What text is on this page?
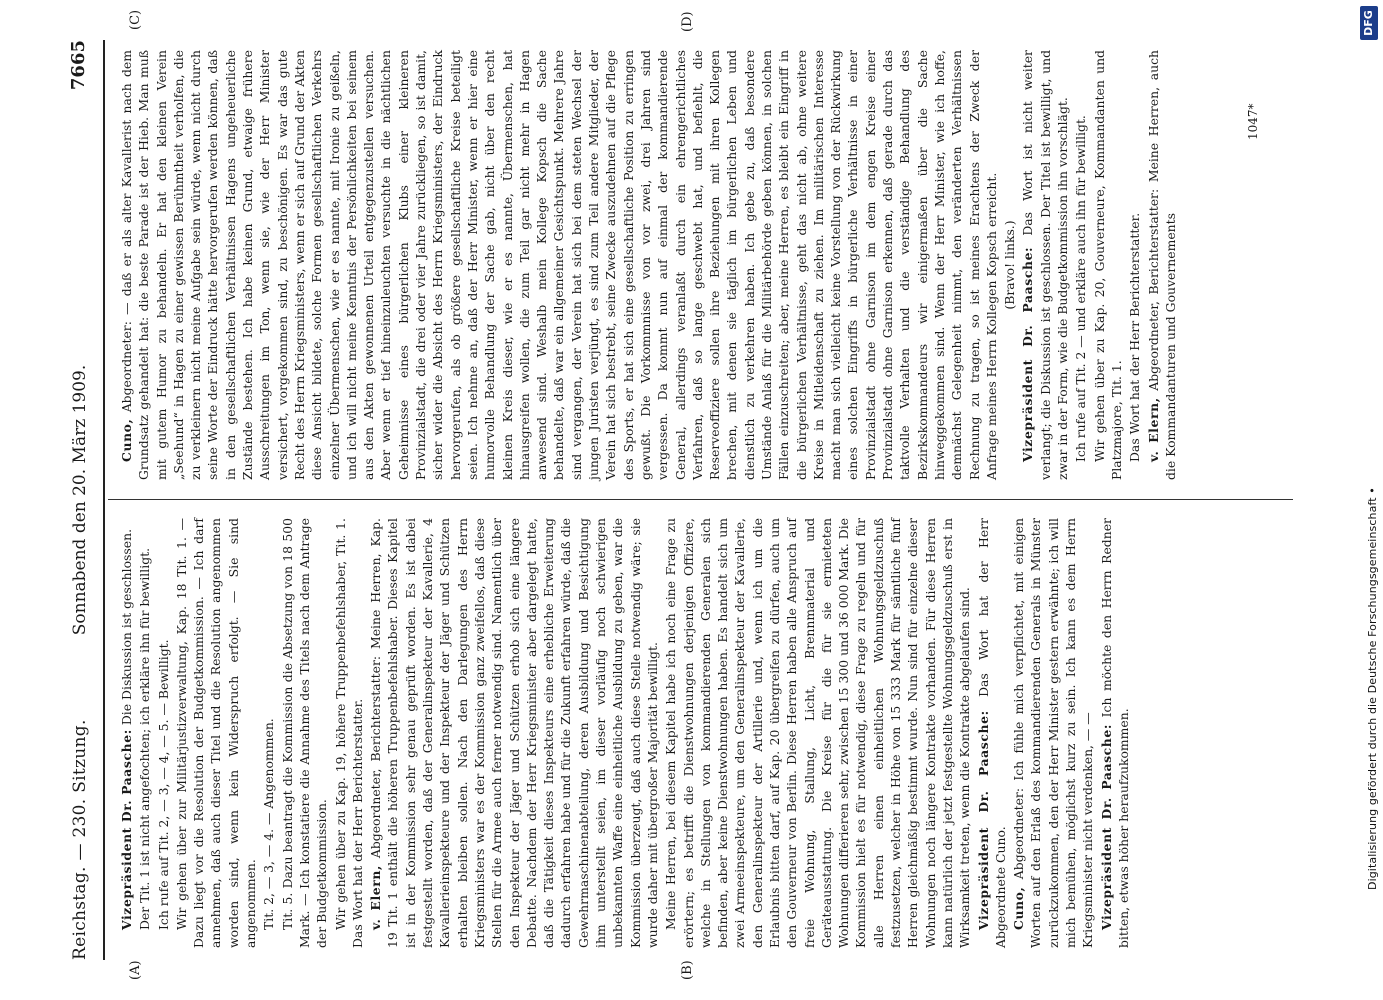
Reichstag. — 230. Sitzung.
Sonnabend den 20. März 1909.
7665
(A)	(B)
(C)	(D)

Vizepräsident Dr. Paasche: Die Diskussion ist geschlossen. Der Tit. 1 ist nicht angefochten; ich erkläre ihn für bewilligt. Ich rufe auf Tit. 2, — 3, — 4, — 5. — Bewilligt. Wir gehen über zur Militärjustizverwaltung, Kap. 18 Tit. 1. — Dazu liegt vor die Resolution der Budgetkommission. — Ich darf annehmen, daß auch dieser Titel und die Resolution angenommen worden sind, wenn kein Widerspruch erfolgt. — Sie sind angenommen. Tit. 2, — 3, — 4. — Angenommen. Tit. 5. Dazu beantragt die Kommission die Absetzung von 18 500 Mark. — Ich konstatiere die Annahme des Titels nach dem Antrage der Budgetkommission. Wir gehen über zu Kap. 19, höhere Truppenbefehlshaber, Tit. 1. Das Wort hat der Herr Berichterstatter. v. Elern, Abgeordneter, Berichterstatter: Meine Herren, Kap. 19 Tit. 1 enthält die höheren Truppenbefehlshaber. Dieses Kapitel ist in der Kommission sehr genau geprüft worden. Es ist dabei festgestellt worden, daß der Generalinspekteur der Kavallerie, 4 Kavallerieinspekteure und der Inspekteur der Jäger und Schützen erhalten bleiben sollen. Nach den Darlegungen des Herrn Kriegsministers war es der Kommission ganz zweifellos, daß diese Stellen für die Armee auch ferner notwendig sind. Namentlich über den Inspekteur der Jäger und Schützen erhob sich eine längere Debatte. Nachdem der Herr Kriegsminister aber dargelegt hatte, daß die Tätigkeit dieses Inspekteurs eine erhebliche Erweiterung dadurch erfahren habe und für die Zukunft erfahren würde, daß die Gewehrmaschinenabteilung, deren Ausbildung und Besichtigung ihm unterstellt seien, im dieser vorläufig noch schwierigen unbekannten Waffe eine einheitliche Ausbildung zu geben, war die Kommission überzeugt, daß auch diese Stelle notwendig wäre; sie wurde daher mit übergroßer Majorität bewilligt. Meine Herren, bei diesem Kapitel habe ich noch eine Frage zu erörtern; es betrifft die Dienstwohnungen derjenigen Offiziere, welche in Stellungen von kommandierenden Generalen sich befinden, aber keine Dienstwohnungen haben. Es handelt sich um zwei Armeeinspekteure, um den Generalinspekteur der Kavallerie, den Generalinspekteur der Artillerie und, wenn ich um die Erlaubnis bitten darf, auf Kap. 20 übergreifen zu dürfen, auch um den Gouverneur von Berlin. Diese Herren haben alle Anspruch auf freie Wohnung, Stallung, Licht, Brennmaterial und Geräteausstattung. Die Kreise für die für sie ermieteten Wohnungen differieren sehr, zwischen 15 300 und 36 000 Mark. Die Kommission hielt es für notwendig, diese Frage zu regeln und für alle Herren einen einheitlichen Wohnungsgeldzuschuß festzusetzen, welcher in Höhe von 15 333 Mark für sämtliche fünf Herren gleichmäßig bestimmt wurde. Nun sind für einzelne dieser Wohnungen noch längere Kontrakte vorhanden. Für diese Herren kann natürlich der jetzt festgestellte Wohnungsgeldzuschuß erst in Wirksamkeit treten, wenn die Kontrakte abgelaufen sind. Vizepräsident Dr. Paasche: Das Wort hat der Herr Abgeordnete Cuno. Cuno, Abgeordneter: Ich fühle mich verpflichtet, mit einigen Worten auf den Erlaß des kommandierenden Generals in Münster zurückzukommen, den der Herr Minister gestern erwähnte; ich will mich bemühen, möglichst kurz zu sein. Ich kann es dem Herrn Kriegsminister nicht verdenken, — — Vizepräsident Dr. Paasche: Ich möchte den Herrn Redner bitten, etwas höher heraufzukommen.

Cuno, Abgeordneter: — daß er als alter Kavallerist nach dem Grundsatz gehandelt hat: die beste Parade ist der Hieb. Man muß mit gutem Humor zu behandeln. Er hat den kleinen Verein „Seehund“ in Hagen zu einer gewissen Berühmtheit verholfen, die zu verkleinern nicht meine Aufgabe sein würde, wenn nicht durch seine Worte der Eindruck hätte hervorgerufen werden können, daß in den gesellschaftlichen Verhältnissen Hagens ungeheuerliche Zustände bestehen. Ich habe keinen Grund, etwaige frühere Ausschreitungen im Ton, wenn sie, wie der Herr Minister versichert, vorgekommen sind, zu beschönigen. Es war das gute Recht des Herrn Kriegsministers, wenn er sich auf Grund der Akten diese Ansicht bildete, solche Formen gesellschaftlichen Verkehrs einzelner Übermenschen, wie er es nannte, mit Ironie zu geißeln, und ich will nicht meine Kenntnis der Persönlichkeiten bei seinem aus den Akten gewonnenen Urteil entgegenzustellen versuchen. Aber wenn er tief hineinzuleuchten versuchte in die nächtlichen Geheimnisse eines bürgerlichen Klubs einer kleineren Provinzialstadt, die drei oder vier Jahre zurückliegen, so ist damit, sicher wider die Absicht des Herrn Kriegsministers, der Eindruck hervorgerufen, als ob größere gesellschaftliche Kreise beteiligt seien. Ich nehme an, daß der Herr Minister, wenn er hier eine humorvolle Behandlung der Sache gab, nicht über den recht kleinen Kreis dieser, wie er es nannte, Übermenschen, hat hinausgreifen wollen, die zum Teil gar nicht mehr in Hagen anwesend sind. Weshalb mein Kollege Kopsch die Sache behandelte, daß war ein allgemeiner Gesichtspunkt. Mehrere Jahre sind vergangen, der Verein hat sich bei dem steten Wechsel der jungen Juristen verjüngt, es sind zum Teil andere Mitglieder, der Verein hat sich bestrebt, seine Zwecke auszudehnen auf die Pflege des Sports, er hat sich eine gesellschaftliche Position zu erringen gewußt. Die Vorkommnisse von vor zwei, drei Jahren sind vergessen. Da kommt nun auf einmal der kommandierende General, allerdings veranlaßt durch ein ehrengerichtliches Verfahren, daß so lange geschwebt hat, und befiehlt, die Reserveoffiziere sollen ihre Beziehungen mit ihren Kollegen brechen, mit denen sie täglich im bürgerlichen Leben und dienstlich zu verkehren haben. Ich gebe zu, daß besondere Umstände Anlaß für die Militärbehörde geben können, in solchen Fällen einzuschreiten; aber, meine Herren, es bleibt ein Eingriff in die bürgerlichen Verhältnisse, geht das nicht ab, ohne weitere Kreise in Mitleidenschaft zu ziehen. Im militärischen Interesse macht man sich vielleicht keine Vorstellung von der Rückwirkung eines solchen Eingriffs in bürgerliche Verhältnisse in einer Provinzialstadt ohne Garnison im dem engen Kreise einer Provinzialstadt ohne Garnison erkennen, daß gerade durch das taktvolle Verhalten und die verständige Behandlung des Bezirkskommandeurs wir einigermaßen über die Sache hinweggekommen sind. Wenn der Herr Minister, wie ich hoffe, demnächst Gelegenheit nimmt, den veränderten Verhältnissen Rechnung zu tragen, so ist meines Erachtens der Zweck der Anfrage meines Herrn Kollegen Kopsch erreicht. (Bravo! links.) Vizepräsident Dr. Paasche: Das Wort ist nicht weiter verlangt; die Diskussion ist geschlossen. Der Titel ist bewilligt, und zwar in der Form, wie die Budgetkommission ihn vorschlägt. Ich rufe auf Tit. 2 — und erkläre auch ihn für bewilligt. Wir gehen über zu Kap. 20, Gouverneure, Kommandanten und Platzmajore, Tit. 1. Das Wort hat der Herr Berichterstatter. v. Elern, Abgeordneter, Berichterstatter: Meine Herren, auch die Kommandanturen und Gouvernements

1047*
Digitalisierung gefördert durch die Deutsche Forschungsgemeinschaft •
DFG
